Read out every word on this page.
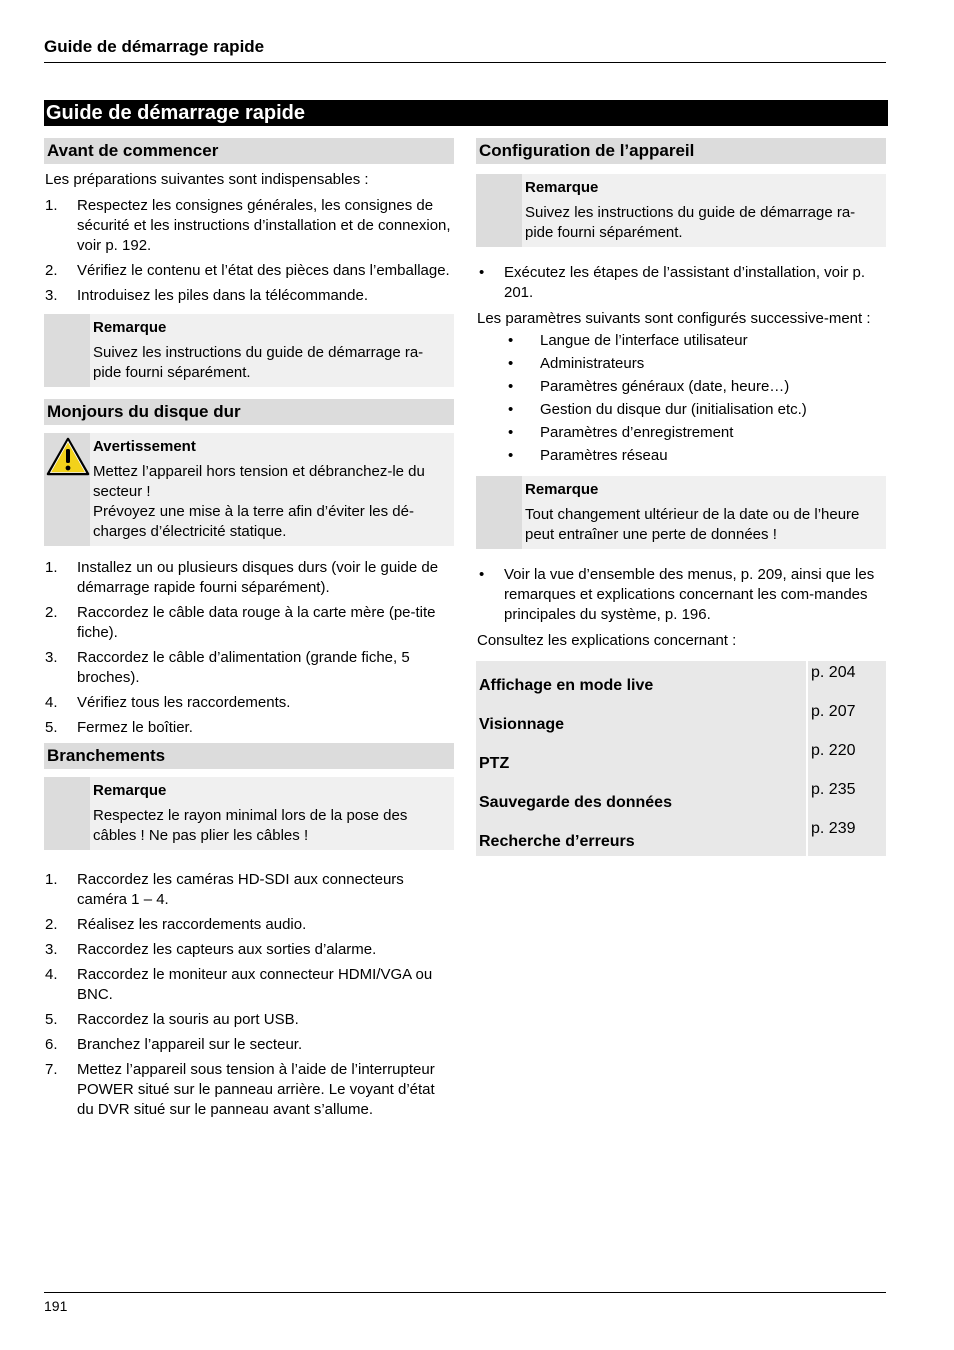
Guide de démarrage rapide
Guide de démarrage rapide
Avant de commencer

Les préparations suivantes sont indispensables :

1. Respectez les consignes générales, les consignes de sécurité et les instructions d’installation et de connexion, voir p. 192.
2. Vérifiez le contenu et l’état des pièces dans l’emballage.
3. Introduisez les piles dans la télécommande.
Remarque
Suivez les instructions du guide de démarrage ra-pide fourni séparément.
Monjours du disque dur
Avertissement
Mettez l’appareil hors tension et débranchez-le du secteur !
Prévoyez une mise à la terre afin d’éviter les dé-charges d’électricité statique.
1. Installez un ou plusieurs disques durs (voir le guide de démarrage rapide fourni séparément).
2. Raccordez le câble data rouge à la carte mère (pe-tite fiche).
3. Raccordez le câble d’alimentation (grande fiche, 5 broches).
4. Vérifiez tous les raccordements.
5. Fermez le boîtier.
Branchements
Remarque
Respectez le rayon minimal lors de la pose des câbles ! Ne pas plier les câbles !
1. Raccordez les caméras HD-SDI aux connecteurs caméra 1 – 4.
2. Réalisez les raccordements audio.
3. Raccordez les capteurs aux sorties d’alarme.
4. Raccordez le moniteur aux connecteur HDMI/VGA ou BNC.
5. Raccordez la souris au port USB.
6. Branchez l’appareil sur le secteur.
7. Mettez l’appareil sous tension à l’aide de l’interrupteur POWER situé sur le panneau arrière. Le voyant d’état du DVR situé sur le panneau avant s’allume.
Configuration de l’appareil
Remarque
Suivez les instructions du guide de démarrage ra-pide fourni séparément.
• Exécutez les étapes de l’assistant d’installation, voir p. 201.

Les paramètres suivants sont configurés successive-ment :

• Langue de l’interface utilisateur
• Administrateurs
• Paramètres généraux (date, heure…)
• Gestion du disque dur (initialisation etc.)
• Paramètres d’enregistrement
• Paramètres réseau
Remarque
Tout changement ultérieur de la date ou de l’heure peut entraîner une perte de données !
• Voir la vue d’ensemble des menus, p. 209, ainsi que les remarques et explications concernant les com-mandes principales du système, p. 196.

Consultez les explications concernant :

Affichage en mode live	p. 204
Visionnage	p. 207
PTZ	p. 220
Sauvegarde des données	p. 235
Recherche d’erreurs	p. 239
191
